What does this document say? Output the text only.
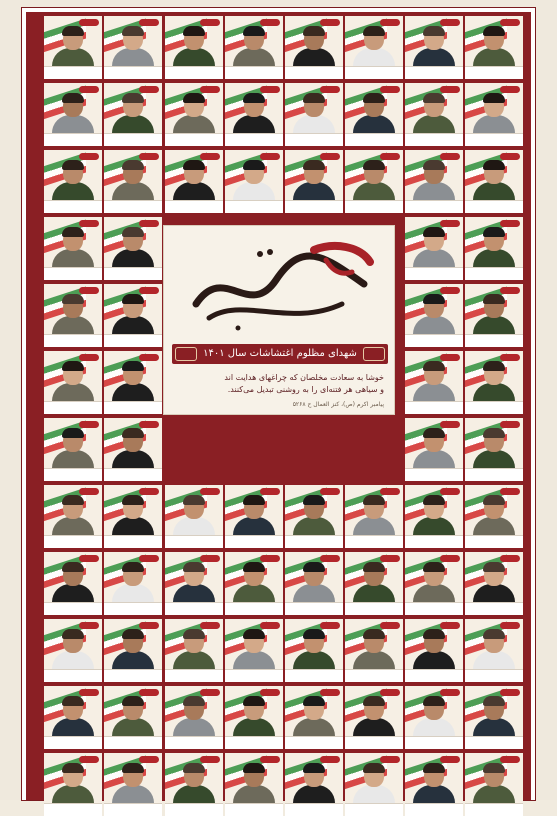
شهدای مظلوم اغتشاشات سال ۱۴۰۱
خوشا به سعادت مخلصان که چراغهای هدایت اند
و سیاهی هر فتنه‌ای را به روشنی تبدیل می‌کنند.
پیامبر اکرم (ص)، کنز العمال ح ۵۲۶۸
